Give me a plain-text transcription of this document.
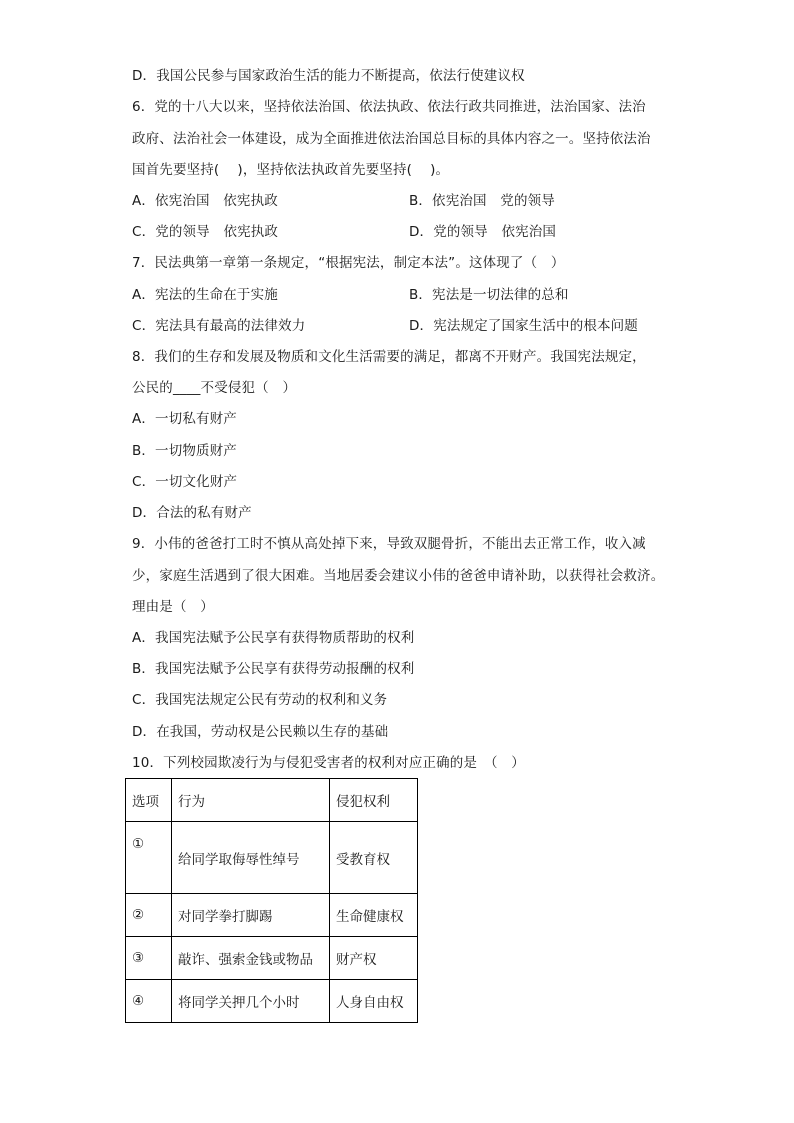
D．我国公民参与国家政治生活的能力不断提高，依法行使建议权
6．党的十八大以来，坚持依法治国、依法执政、依法行政共同推进，法治国家、法治
政府、法治社会一体建设，成为全面推进依法治国总目标的具体内容之一。坚持依法治
国首先要坚持(　 )，坚持依法执政首先要坚持(　 )。
A．依宪治国　依宪执政	B．依宪治国　党的领导
C．党的领导　依宪执政	D．党的领导　依宪治国
7．民法典第一章第一条规定，“根据宪法，制定本法”。这体现了（　）
A．宪法的生命在于实施	B．宪法是一切法律的总和
C．宪法具有最高的法律效力	D．宪法规定了国家生活中的根本问题
8．我们的生存和发展及物质和文化生活需要的满足，都离不开财产。我国宪法规定，
公民的____不受侵犯（　）
A．一切私有财产
B．一切物质财产
C．一切文化财产
D．合法的私有财产
9．小伟的爸爸打工时不慎从高处掉下来，导致双腿骨折，不能出去正常工作，收入减
少，家庭生活遇到了很大困难。当地居委会建议小伟的爸爸申请补助，以获得社会救济。
理由是（　）
A．我国宪法赋予公民享有获得物质帮助的权利
B．我国宪法赋予公民享有获得劳动报酬的权利
C．我国宪法规定公民有劳动的权利和义务
D．在我国，劳动权是公民赖以生存的基础
10．下列校园欺凌行为与侵犯受害者的权利对应正确的是　（　）
选项	行为	侵犯权利
①	给同学取侮辱性绰号	受教育权
②	对同学拳打脚踢	生命健康权
③	敲诈、强索金钱或物品	财产权
④	将同学关押几个小时	人身自由权
